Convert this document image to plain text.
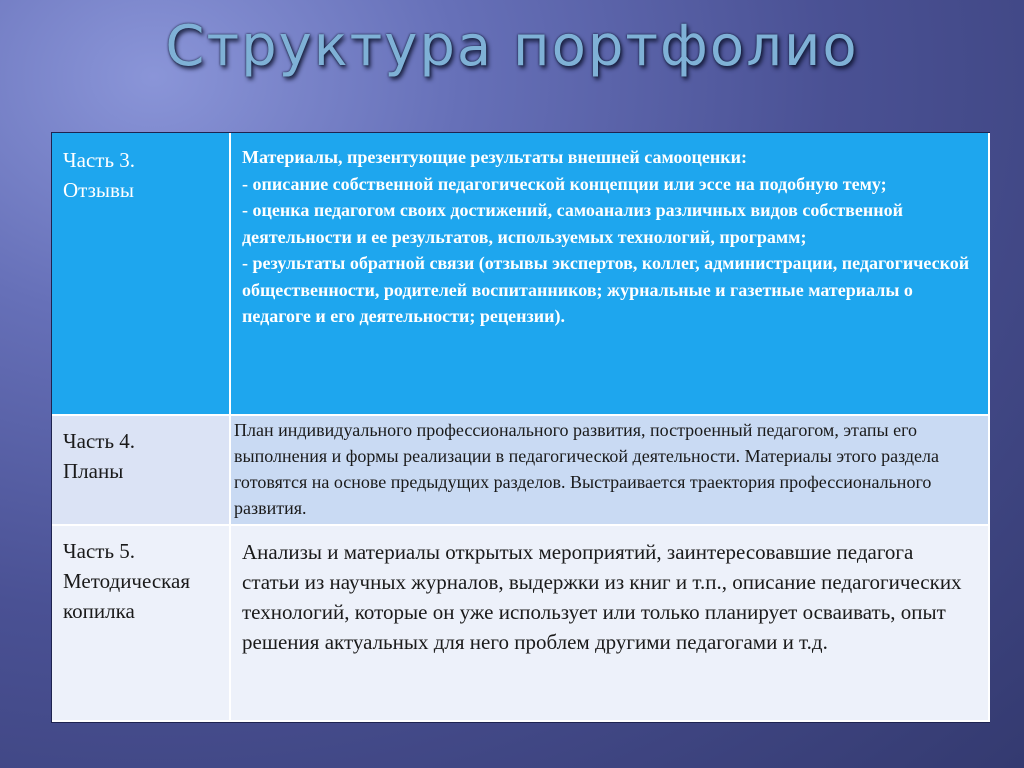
Структура портфолио
Часть 3.
Отзывы	Материалы, презентующие результаты внешней самооценки:
- описание собственной педагогической концепции или эссе на подобную тему;
- оценка педагогом своих достижений, самоанализ различных видов собственной деятельности и ее результатов, используемых технологий, программ;
- результаты обратной связи (отзывы экспертов, коллег, администрации, педагогической общественности, родителей воспитанников; журнальные и газетные материалы о педагоге и его деятельности; рецензии).

Часть 4.
Планы	План индивидуального профессионального развития, построенный педагогом, этапы его выполнения и формы реализации в педагогической деятельности. Материалы этого раздела готовятся на основе предыдущих разделов. Выстраивается траектория профессионального развития.

Часть 5.
Методическая копилка	Анализы и материалы открытых мероприятий, заинтересовавшие педагога статьи из научных журналов, выдержки из книг и т.п., описание педагогических технологий, которые он уже использует или только планирует осваивать, опыт решения актуальных для него проблем другими педагогами и т.д.
